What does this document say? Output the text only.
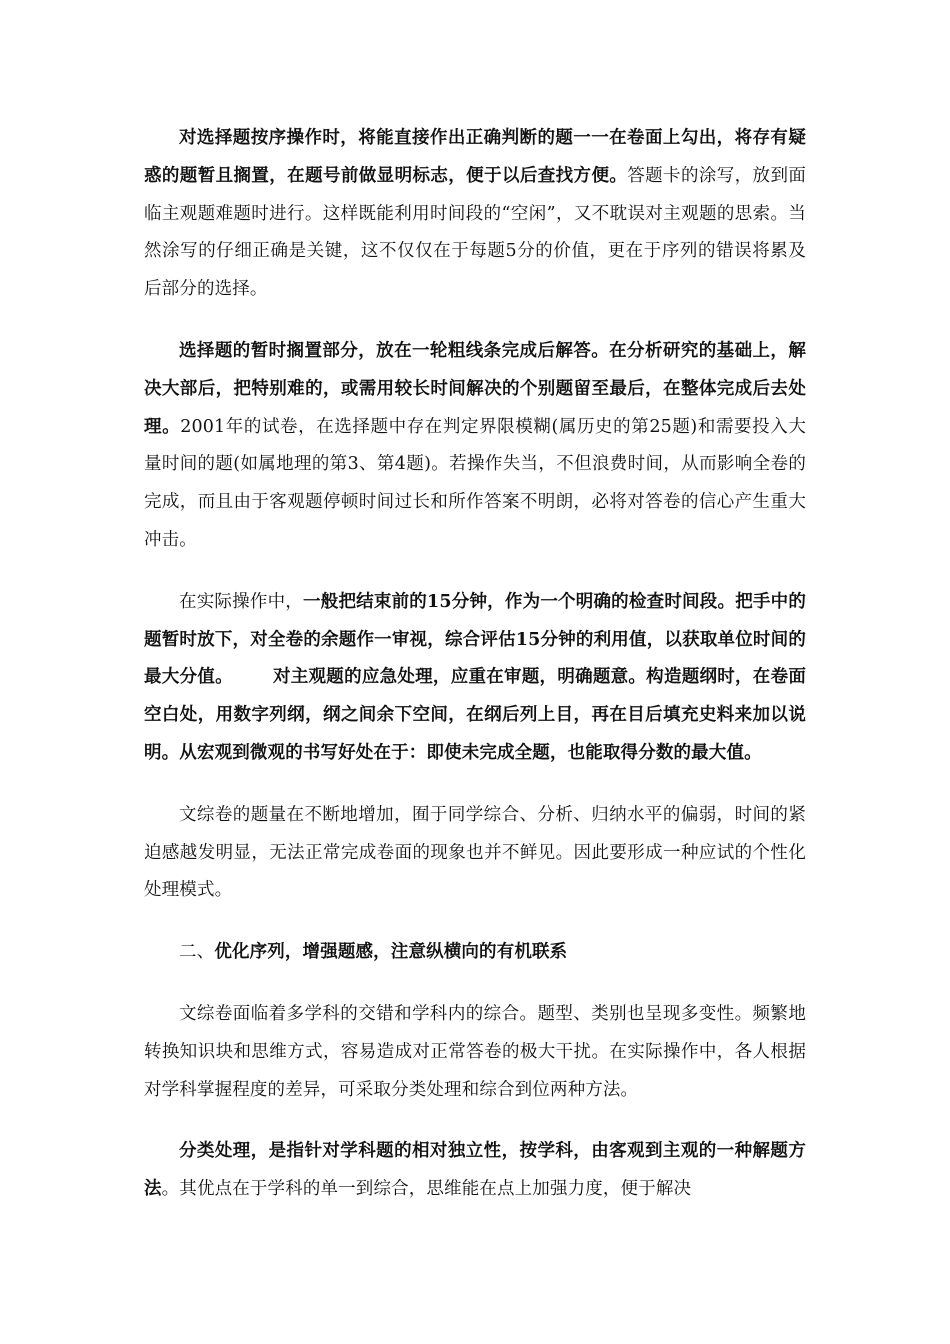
对选择题按序操作时，将能直接作出正确判断的题一一在卷面上勾出，将存有疑惑的题暂且搁置，在题号前做显明标志，便于以后查找方便。答题卡的涂写，放到面临主观题难题时进行。这样既能利用时间段的“空闲”，又不耽误对主观题的思索。当然涂写的仔细正确是关键，这不仅仅在于每题5分的价值，更在于序列的错误将累及后部分的选择。

选择题的暂时搁置部分，放在一轮粗线条完成后解答。在分析研究的基础上，解决大部后，把特别难的，或需用较长时间解决的个别题留至最后，在整体完成后去处理。2001年的试卷，在选择题中存在判定界限模糊(属历史的第25题)和需要投入大量时间的题(如属地理的第3、第4题)。若操作失当，不但浪费时间，从而影响全卷的完成，而且由于客观题停顿时间过长和所作答案不明朗，必将对答卷的信心产生重大冲击。

在实际操作中，一般把结束前的15分钟，作为一个明确的检查时间段。把手中的题暂时放下，对全卷的余题作一审视，综合评估15分钟的利用值，以获取单位时间的最大分值。 对主观题的应急处理，应重在审题，明确题意。构造题纲时，在卷面空白处，用数字列纲，纲之间余下空间，在纲后列上目，再在目后填充史料来加以说明。从宏观到微观的书写好处在于：即使未完成全题，也能取得分数的最大值。

文综卷的题量在不断地增加，囿于同学综合、分析、归纳水平的偏弱，时间的紧迫感越发明显，无法正常完成卷面的现象也并不鲜见。因此要形成一种应试的个性化处理模式。

二、优化序列，增强题感，注意纵横向的有机联系

文综卷面临着多学科的交错和学科内的综合。题型、类别也呈现多变性。频繁地转换知识块和思维方式，容易造成对正常答卷的极大干扰。在实际操作中，各人根据对学科掌握程度的差异，可采取分类处理和综合到位两种方法。

分类处理，是指针对学科题的相对独立性，按学科，由客观到主观的一种解题方法。其优点在于学科的单一到综合，思维能在点上加强力度，便于解决
